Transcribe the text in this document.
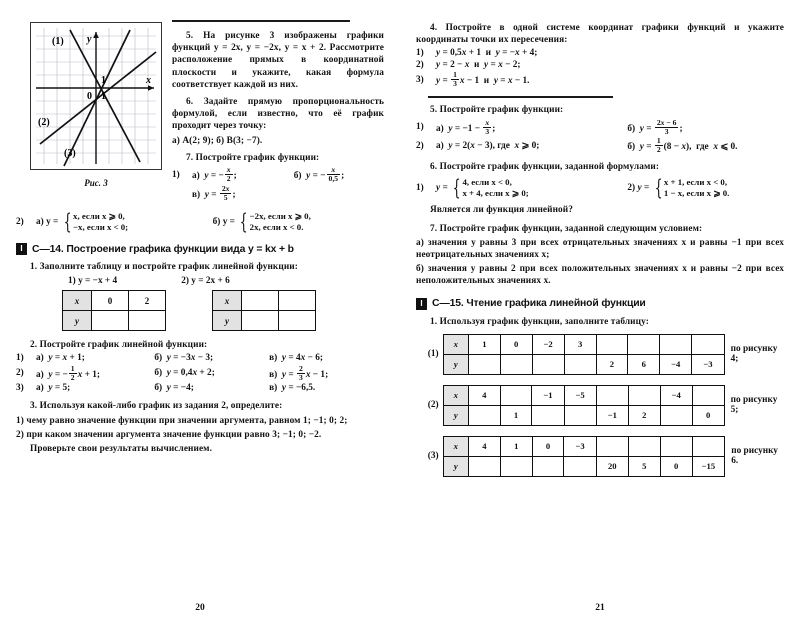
(1)
(2)
(3)
0 1
1	x
y
Рис. 3
5. На рисунке 3 изображены графики функций y = 2x, y = −2x, y = x + 2. Рассмотрите расположение прямых в координатной плоскости и укажите, какая формула соответствует каждой из них.
6. Задайте прямую пропорциональность формулой, если известно, что её график проходит через точку:
а) A(2; 9); б) B(3; −7).
7. Постройте график функции:
1)	а)  y = − $\frac{x}{2}$ ;	б)  y = − $\frac{x}{0,5}$ ;
в)  $y = \frac{2x}{5}$ ;
2)	а) y = { x, если x ⩾ 0,
−x, если x < 0;	б) y = { −2x, если x ⩾ 0,
2x, если x < 0.
I С—14. Построение графика функции вида y = kx + b
1. Заполните таблицу и постройте график линейной функции:
1) y = −x + 4	2) y = 2x + 6
x	0	2
y		
x		
y		
2. Постройте график линейной функции:
1)	а)  y = x + 1;	б)  y = −3x − 3;	в)  y = 4x − 6;
2)	а)  y = − $\frac{1}{2}$ x + 1;	б)  y = 0,4x + 2;	в)  $y = \frac{2}{3}$ x − 1;
3)	а)  y = 5;	б)  y = −4;	в)  y = −6,5.
3. Используя какой-либо график из задания 2, определите:
1) чему равно значение функции при значении аргумента, равном 1; −1; 0; 2;
2) при каком значении аргумента значение функции равно 3; −1; 0; −2.
Проверьте свои результаты вычислением.
20
4. Постройте в одной системе координат графики функций и укажите координаты точки их пересечения:
1)	y = 0,5x + 1  и  y = −x + 4;
2)	y = 2 − x  и  y = x − 2;
3)	$y = \frac{1}{3}$ x − 1  и  y = x − 1.
5. Постройте график функции:
1)	а)  $y = -1 - \frac{x}{3}$ ;	б)  $y = \frac{2x - 6}{3}$ ;
2)	а)  y = 2(x − 3), где  x ⩾ 0;	б)  $y = \frac{1}{2} (8 - x)$,  где  x ⩽ 0.
6. Постройте график функции, заданной формулами:
1)	y = { 4, если x < 0,
x + 4, если x ⩾ 0;	2) y = { x + 1, если x < 0,
1 − x, если x ⩾ 0.
Является ли функция линейной?
7. Постройте график функции, заданной следующим условием:
а) значения y равны 3 при всех отрицательных значениях x и равны −1 при всех неотрицательных значениях x;
б) значения y равны 2 при всех положительных значениях x и равны −2 при всех неположительных значениях x.
I С—15. Чтение графика линейной функции
1. Используя график функции, заполните таблицу:
(1)
x	1	0	−2	3				
y					2	6	−4	−3
по рисунку 4;
(2)
x	4		−1	−5			−4	
y		1			−1	2		0
по рисунку 5;
(3)
x	4	1	0	−3				
y					20	5	0	−15
по рисунку 6.
21
